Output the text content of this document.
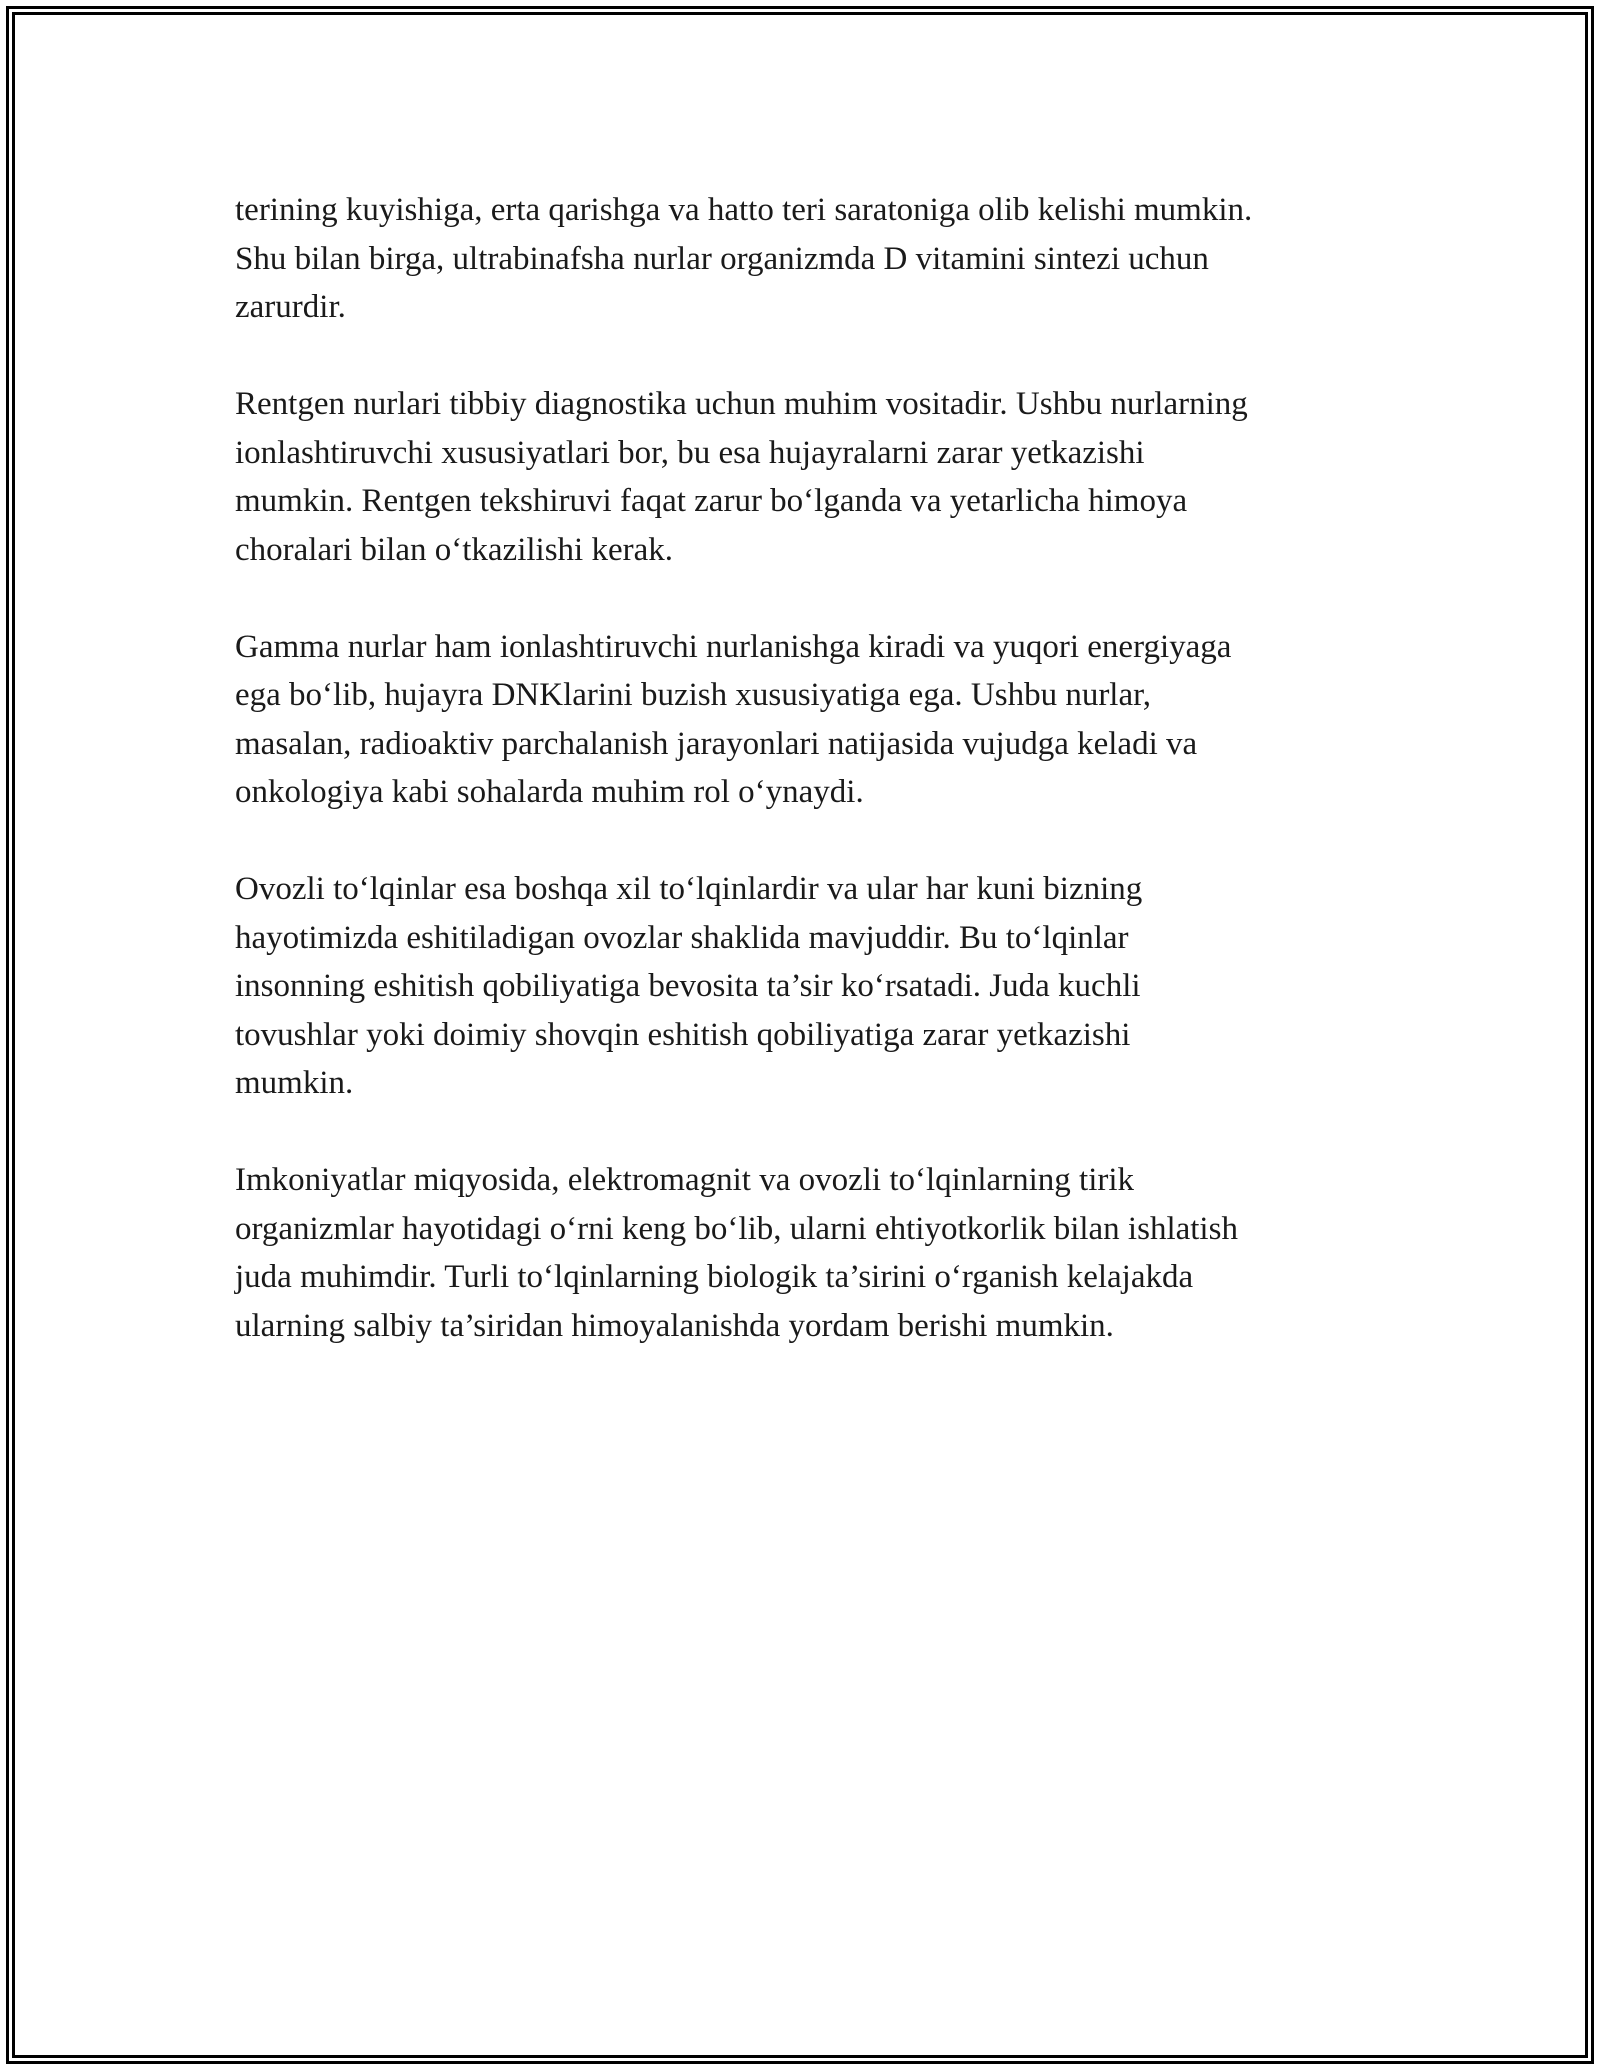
terining kuyishiga, erta qarishga va hatto teri saratoniga olib kelishi mumkin.
Shu bilan birga, ultrabinafsha nurlar organizmda D vitamini sintezi uchun
zarurdir.

Rentgen nurlari tibbiy diagnostika uchun muhim vositadir. Ushbu nurlarning
ionlashtiruvchi xususiyatlari bor, bu esa hujayralarni zarar yetkazishi
mumkin. Rentgen tekshiruvi faqat zarur bo‘lganda va yetarlicha himoya
choralari bilan o‘tkazilishi kerak.

Gamma nurlar ham ionlashtiruvchi nurlanishga kiradi va yuqori energiyaga
ega bo‘lib, hujayra DNKlarini buzish xususiyatiga ega. Ushbu nurlar,
masalan, radioaktiv parchalanish jarayonlari natijasida vujudga keladi va
onkologiya kabi sohalarda muhim rol o‘ynaydi.

Ovozli to‘lqinlar esa boshqa xil to‘lqinlardir va ular har kuni bizning
hayotimizda eshitiladigan ovozlar shaklida mavjuddir. Bu to‘lqinlar
insonning eshitish qobiliyatiga bevosita ta’sir ko‘rsatadi. Juda kuchli
tovushlar yoki doimiy shovqin eshitish qobiliyatiga zarar yetkazishi
mumkin.

Imkoniyatlar miqyosida, elektromagnit va ovozli to‘lqinlarning tirik
organizmlar hayotidagi o‘rni keng bo‘lib, ularni ehtiyotkorlik bilan ishlatish
juda muhimdir. Turli to‘lqinlarning biologik ta’sirini o‘rganish kelajakda
ularning salbiy ta’siridan himoyalanishda yordam berishi mumkin.
